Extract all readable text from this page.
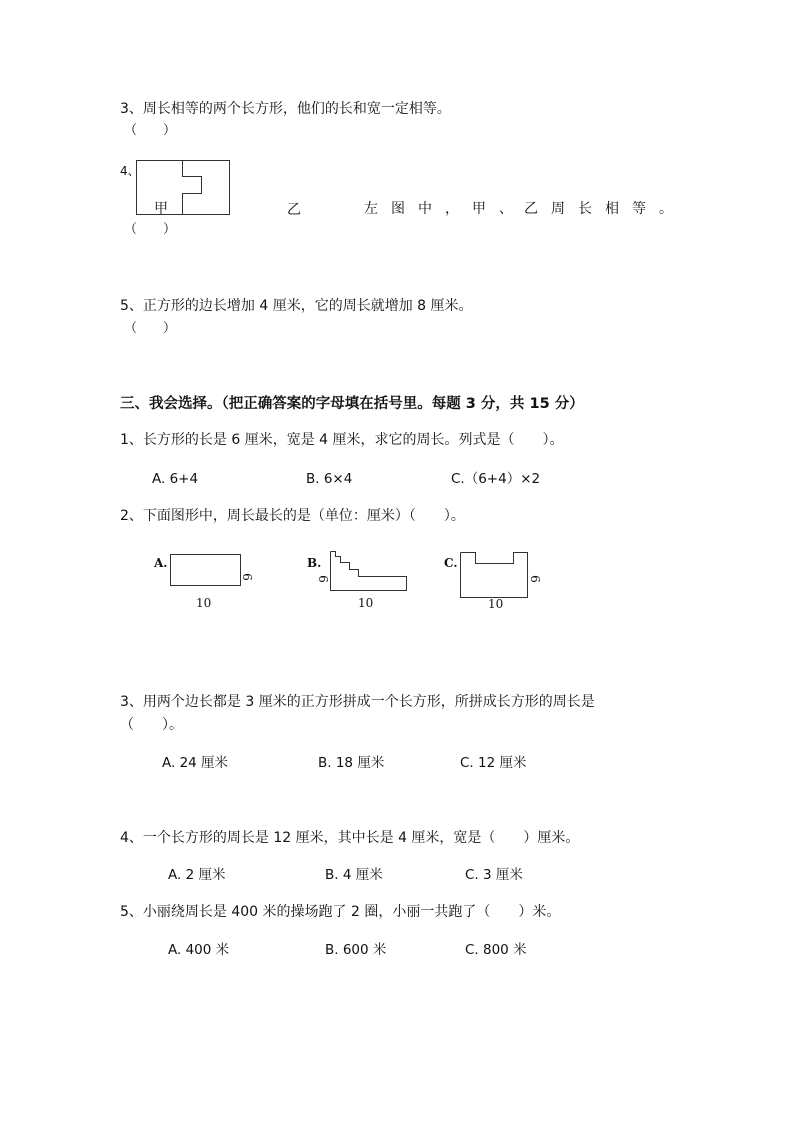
3、周长相等的两个长方形，他们的长和宽一定相等。
（　　）
4、
甲	乙	左 图 中 ， 甲 、 乙 周 长 相 等 。
（　　）
5、正方形的边长增加 4 厘米，它的周长就增加 8 厘米。
（　　）
三、我会选择。（把正确答案的字母填在括号里。每题 3 分，共 15 分）
1、长方形的长是 6 厘米，宽是 4 厘米，求它的周长。列式是（　　）。
A. 6+4	B. 6×4	C.（6+4）×2
2、下面图形中，周长最长的是（单位：厘米）（　　）。
A.
10
6
B.
10
6
C.
10
6
3、用两个边长都是 3 厘米的正方形拼成一个长方形，所拼成长方形的周长是
（　　）。
A. 24 厘米	B. 18 厘米	C. 12 厘米
4、一个长方形的周长是 12 厘米，其中长是 4 厘米，宽是（　　）厘米。
A. 2 厘米	B. 4 厘米	C. 3 厘米
5、小丽绕周长是 400 米的操场跑了 2 圈，小丽一共跑了（　　）米。
A. 400 米	B. 600 米	C. 800 米
